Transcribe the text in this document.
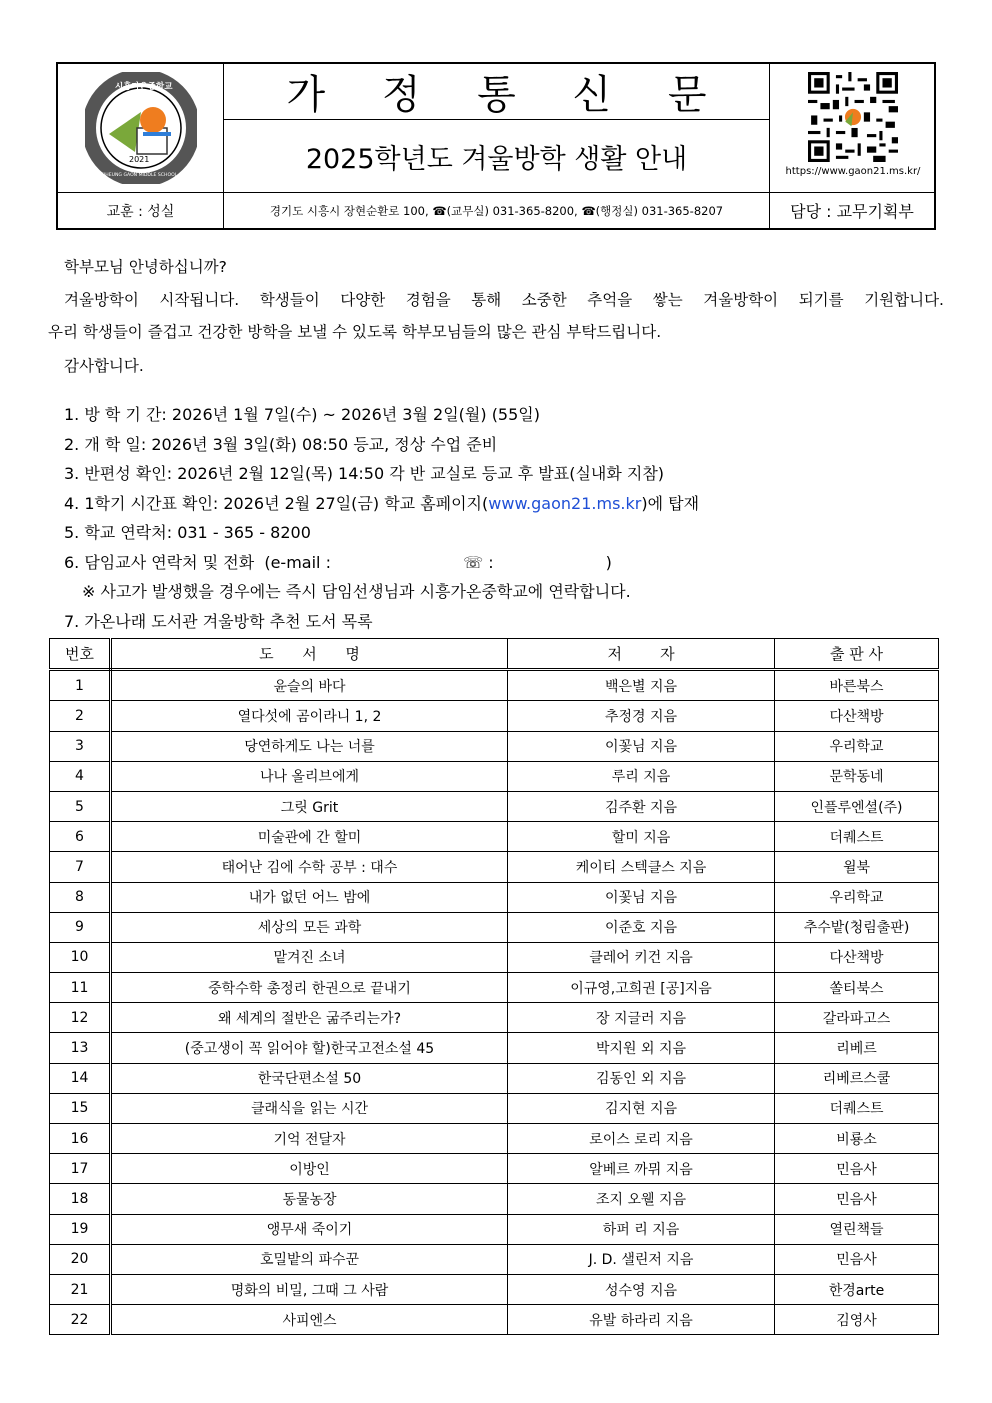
2021
시흥가온중학교
SIHEUNG GAON MIDDLE SCHOOL
가 정 통 신 문
2025학년도 겨울방학 생활 안내	https://www.gaon21.ms.kr/
교훈 : 성실	경기도 시흥시 장현순환로 100, ☎(교무실) 031-365-8200, ☎(행정실) 031-365-8207	담당 : 교무기획부
학부모님 안녕하십니까?
겨울방학이 시작됩니다. 학생들이 다양한 경험을 통해 소중한 추억을 쌓는 겨울방학이 되기를 기원합니다.
우리 학생들이 즐겁고 건강한 방학을 보낼 수 있도록 학부모님들의 많은 관심 부탁드립니다.
감사합니다.
1. 방 학 기 간: 2026년 1월 7일(수) ~ 2026년 3월 2일(월) (55일)
2. 개 학 일: 2026년 3월 3일(화) 08:50 등교, 정상 수업 준비
3. 반편성 확인: 2026년 2월 12일(목) 14:50 각 반 교실로 등교 후 발표(실내화 지참)
4. 1학기 시간표 확인: 2026년 2월 27일(금) 학교 홈페이지(www.gaon21.ms.kr)에 탑재
5. 학교 연락처: 031 - 365 - 8200
6. 담임교사 연락처 및 전화  (e-mail :                          ☏ :                      )
※ 사고가 발생했을 경우에는 즉시 담임선생님과 시흥가온중학교에 연락합니다.
7. 가온나래 도서관 겨울방학 추천 도서 목록
번호	도      서      명	저        자	출 판 사
1	윤슬의 바다	백은별 지음	바른북스
2	열다섯에 곰이라니 1, 2	추정경 지음	다산책방
3	당연하게도 나는 너를	이꽃님 지음	우리학교
4	나나 올리브에게	루리 지음	문학동네
5	그릿 Grit	김주환 지음	인플루엔셜(주)
6	미술관에 간 할미	할미 지음	더퀘스트
7	태어난 김에 수학 공부 : 대수	케이티 스텍클스 지음	윌북
8	내가 없던 어느 밤에	이꽃님 지음	우리학교
9	세상의 모든 과학	이준호 지음	추수밭(청림출판)
10	맡겨진 소녀	클레어 키건 지음	다산책방
11	중학수학 총정리 한권으로 끝내기	이규영,고희권 [공]지음	쏠티북스
12	왜 세계의 절반은 굶주리는가?	장 지글러 지음	갈라파고스
13	(중고생이 꼭 읽어야 할)한국고전소설 45	박지원 외 지음	리베르
14	한국단편소설 50	김동인 외 지음	리베르스쿨
15	클래식을 읽는 시간	김지현 지음	더퀘스트
16	기억 전달자	로이스 로리 지음	비룡소
17	이방인	알베르 까뮈 지음	민음사
18	동물농장	조지 오웰 지음	민음사
19	앵무새 죽이기	하퍼 리 지음	열린책들
20	호밀밭의 파수꾼	J. D. 샐린저 지음	민음사
21	명화의 비밀, 그때 그 사람	성수영 지음	한경arte
22	사피엔스	유발 하라리 지음	김영사
